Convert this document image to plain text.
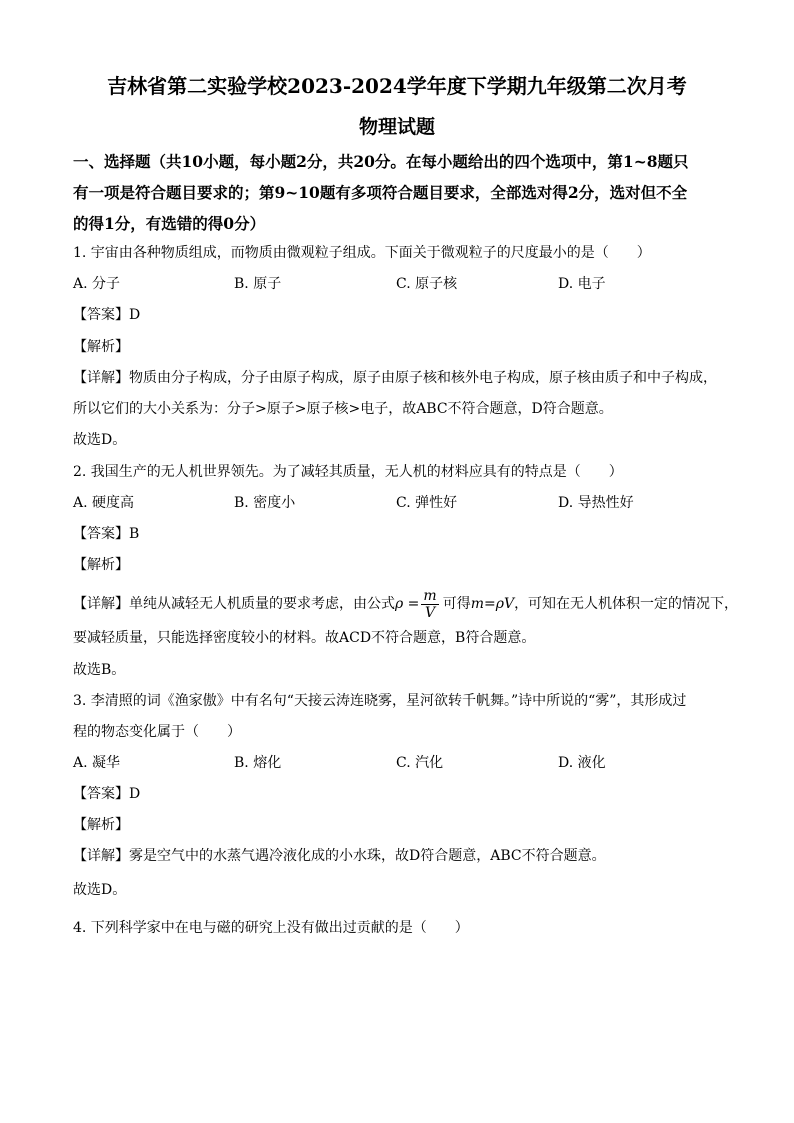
吉林省第二实验学校2023-2024学年度下学期九年级第二次月考
物理试题
一、选择题（共10小题，每小题2分，共20分。在每小题给出的四个选项中，第1~8题只
有一项是符合题目要求的；第9~10题有多项符合题目要求，全部选对得2分，选对但不全
的得1分，有选错的得0分）
1. 宇宙由各种物质组成，而物质由微观粒子组成。下面关于微观粒子的尺度最小的是（　　）
A. 分子	B. 原子	C. 原子核	D. 电子
【答案】D
【解析】
【详解】物质由分子构成，分子由原子构成，原子由原子核和核外电子构成，原子核由质子和中子构成，
所以它们的大小关系为：分子>原子>原子核>电子，故ABC不符合题意，D符合题意。
故选D。
2. 我国生产的无人机世界领先。为了减轻其质量，无人机的材料应具有的特点是（　　）
A. 硬度高	B. 密度小	C. 弹性好	D. 导热性好
【答案】B
【解析】
【详解】单纯从减轻无人机质量的要求考虑，由公式$\rho = \frac{m}{V}$ 可得m=ρV，可知在无人机体积一定的情况下，
要减轻质量，只能选择密度较小的材料。故ACD不符合题意，B符合题意。
故选B。
3. 李清照的词《渔家傲》中有名句“天接云涛连晓雾，星河欲转千帆舞。”诗中所说的“雾”，其形成过
程的物态变化属于（　　）
A. 凝华	B. 熔化	C. 汽化	D. 液化
【答案】D
【解析】
【详解】雾是空气中的水蒸气遇冷液化成的小水珠，故D符合题意，ABC不符合题意。
故选D。
4. 下列科学家中在电与磁的研究上没有做出过贡献的是（　　）
